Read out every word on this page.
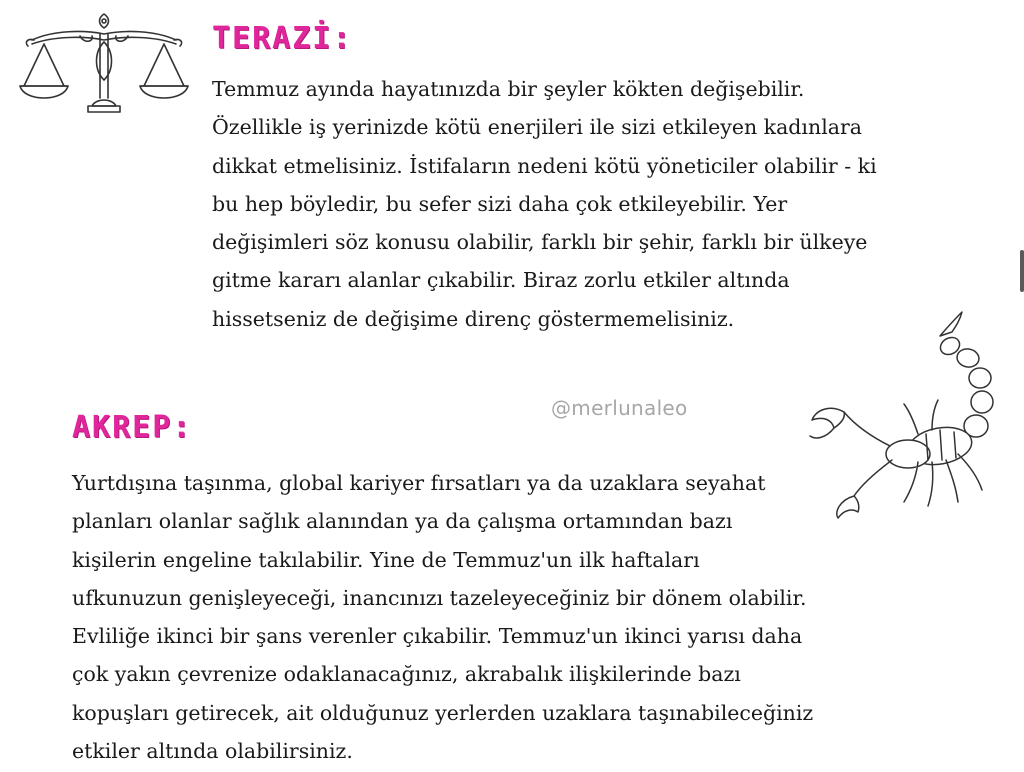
TERAZİ:
Temmuz ayında hayatınızda bir şeyler kökten değişebilir.
Özellikle iş yerinizde kötü enerjileri ile sizi etkileyen kadınlara
dikkat etmelisiniz. İstifaların nedeni kötü yöneticiler olabilir - ki
bu hep böyledir, bu sefer sizi daha çok etkileyebilir. Yer
değişimleri söz konusu olabilir, farklı bir şehir, farklı bir ülkeye
gitme kararı alanlar çıkabilir. Biraz zorlu etkiler altında
hissetseniz de değişime direnç göstermemelisiniz.
@merlunaleo
AKREP:
Yurtdışına taşınma, global kariyer fırsatları ya da uzaklara seyahat
planları olanlar sağlık alanından ya da çalışma ortamından bazı
kişilerin engeline takılabilir. Yine de Temmuz'un ilk haftaları
ufkunuzun genişleyeceği, inancınızı tazeleyeceğiniz bir dönem olabilir.
Evliliğe ikinci bir şans verenler çıkabilir. Temmuz'un ikinci yarısı daha
çok yakın çevrenize odaklanacağınız, akrabalık ilişkilerinde bazı
kopuşları getirecek, ait olduğunuz yerlerden uzaklara taşınabileceğiniz
etkiler altında olabilirsiniz.
